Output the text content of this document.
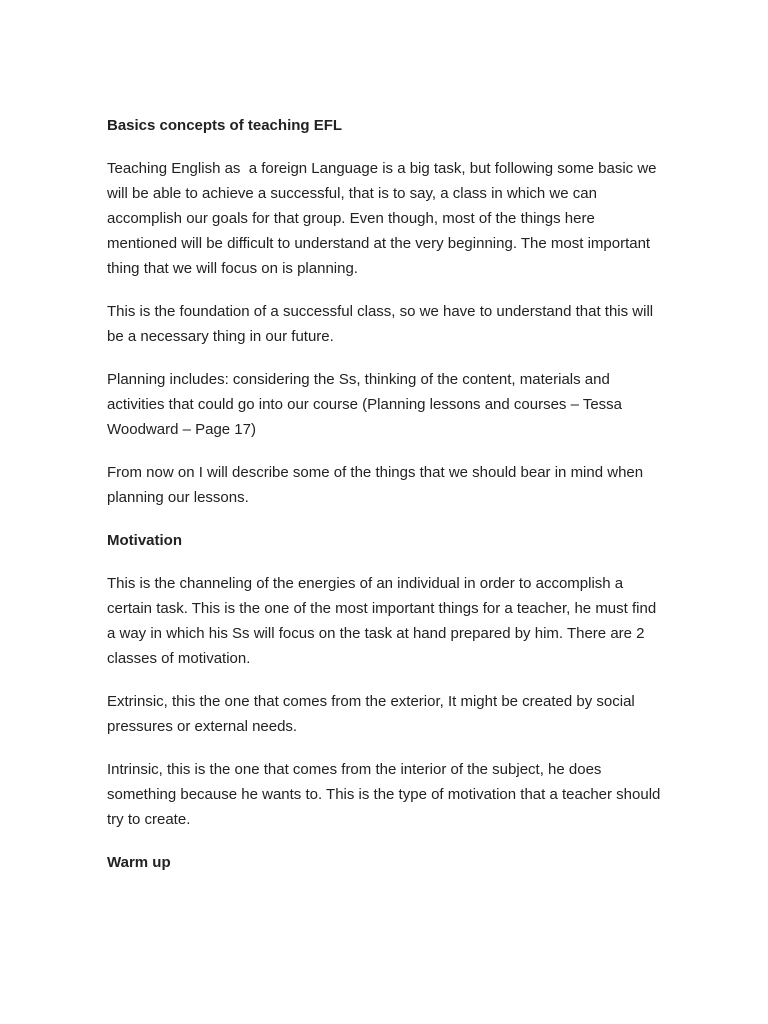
Basics concepts of teaching EFL

Teaching English as  a foreign Language is a big task, but following some basic we will be able to achieve a successful, that is to say, a class in which we can accomplish our goals for that group. Even though, most of the things here mentioned will be difficult to understand at the very beginning. The most important thing that we will focus on is planning.

This is the foundation of a successful class, so we have to understand that this will be a necessary thing in our future.

Planning includes: considering the Ss, thinking of the content, materials and activities that could go into our course (Planning lessons and courses – Tessa Woodward – Page 17)

From now on I will describe some of the things that we should bear in mind when planning our lessons.

Motivation

This is the channeling of the energies of an individual in order to accomplish a certain task. This is the one of the most important things for a teacher, he must find a way in which his Ss will focus on the task at hand prepared by him. There are 2 classes of motivation.

Extrinsic, this the one that comes from the exterior, It might be created by social pressures or external needs.

Intrinsic, this is the one that comes from the interior of the subject, he does something because he wants to. This is the type of motivation that a teacher should try to create.

Warm up
